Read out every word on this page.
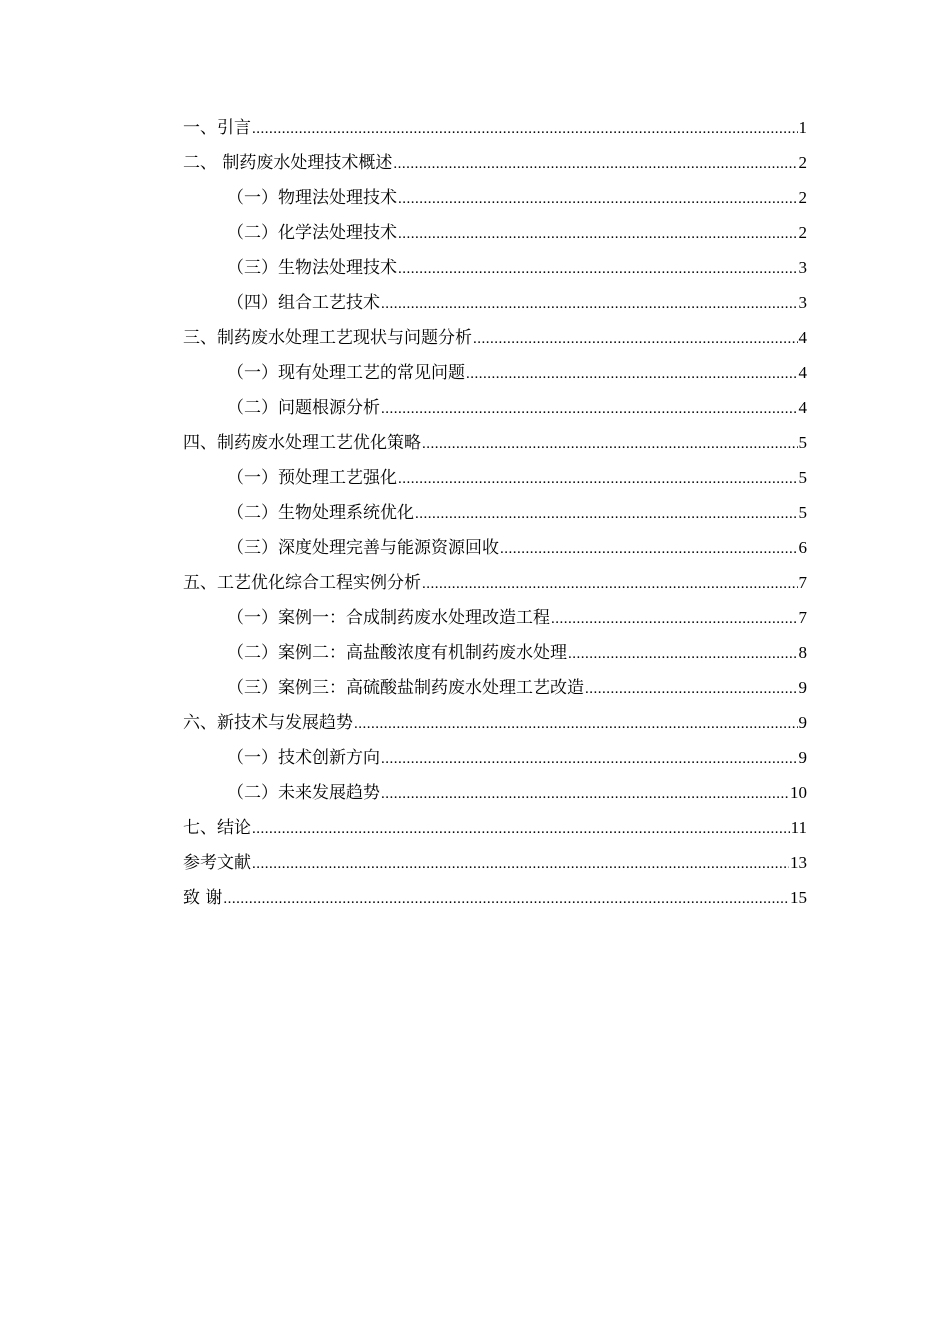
一、引言 .....	1
二、 制药废水处理技术概述 .....	2
（一）物理法处理技术 .....	2
（二）化学法处理技术 .....	2
（三）生物法处理技术 .....	3
（四）组合工艺技术 .....	3
三、制药废水处理工艺现状与问题分析 .....	4
（一）现有处理工艺的常见问题 .....	4
（二）问题根源分析 .....	4
四、制药废水处理工艺优化策略 .....	5
（一）预处理工艺强化 .....	5
（二）生物处理系统优化 .....	5
（三）深度处理完善与能源资源回收 .....	6
五、工艺优化综合工程实例分析 .....	7
（一）案例一：合成制药废水处理改造工程 .....	7
（二）案例二：高盐酸浓度有机制药废水处理 .....	8
（三）案例三：高硫酸盐制药废水处理工艺改造 .....	9
六、新技术与发展趋势 .....	9
（一）技术创新方向 .....	9
（二）未来发展趋势 .....	10
七、结论 .....	11
参考文献 .....	13
致 谢 .....	15
